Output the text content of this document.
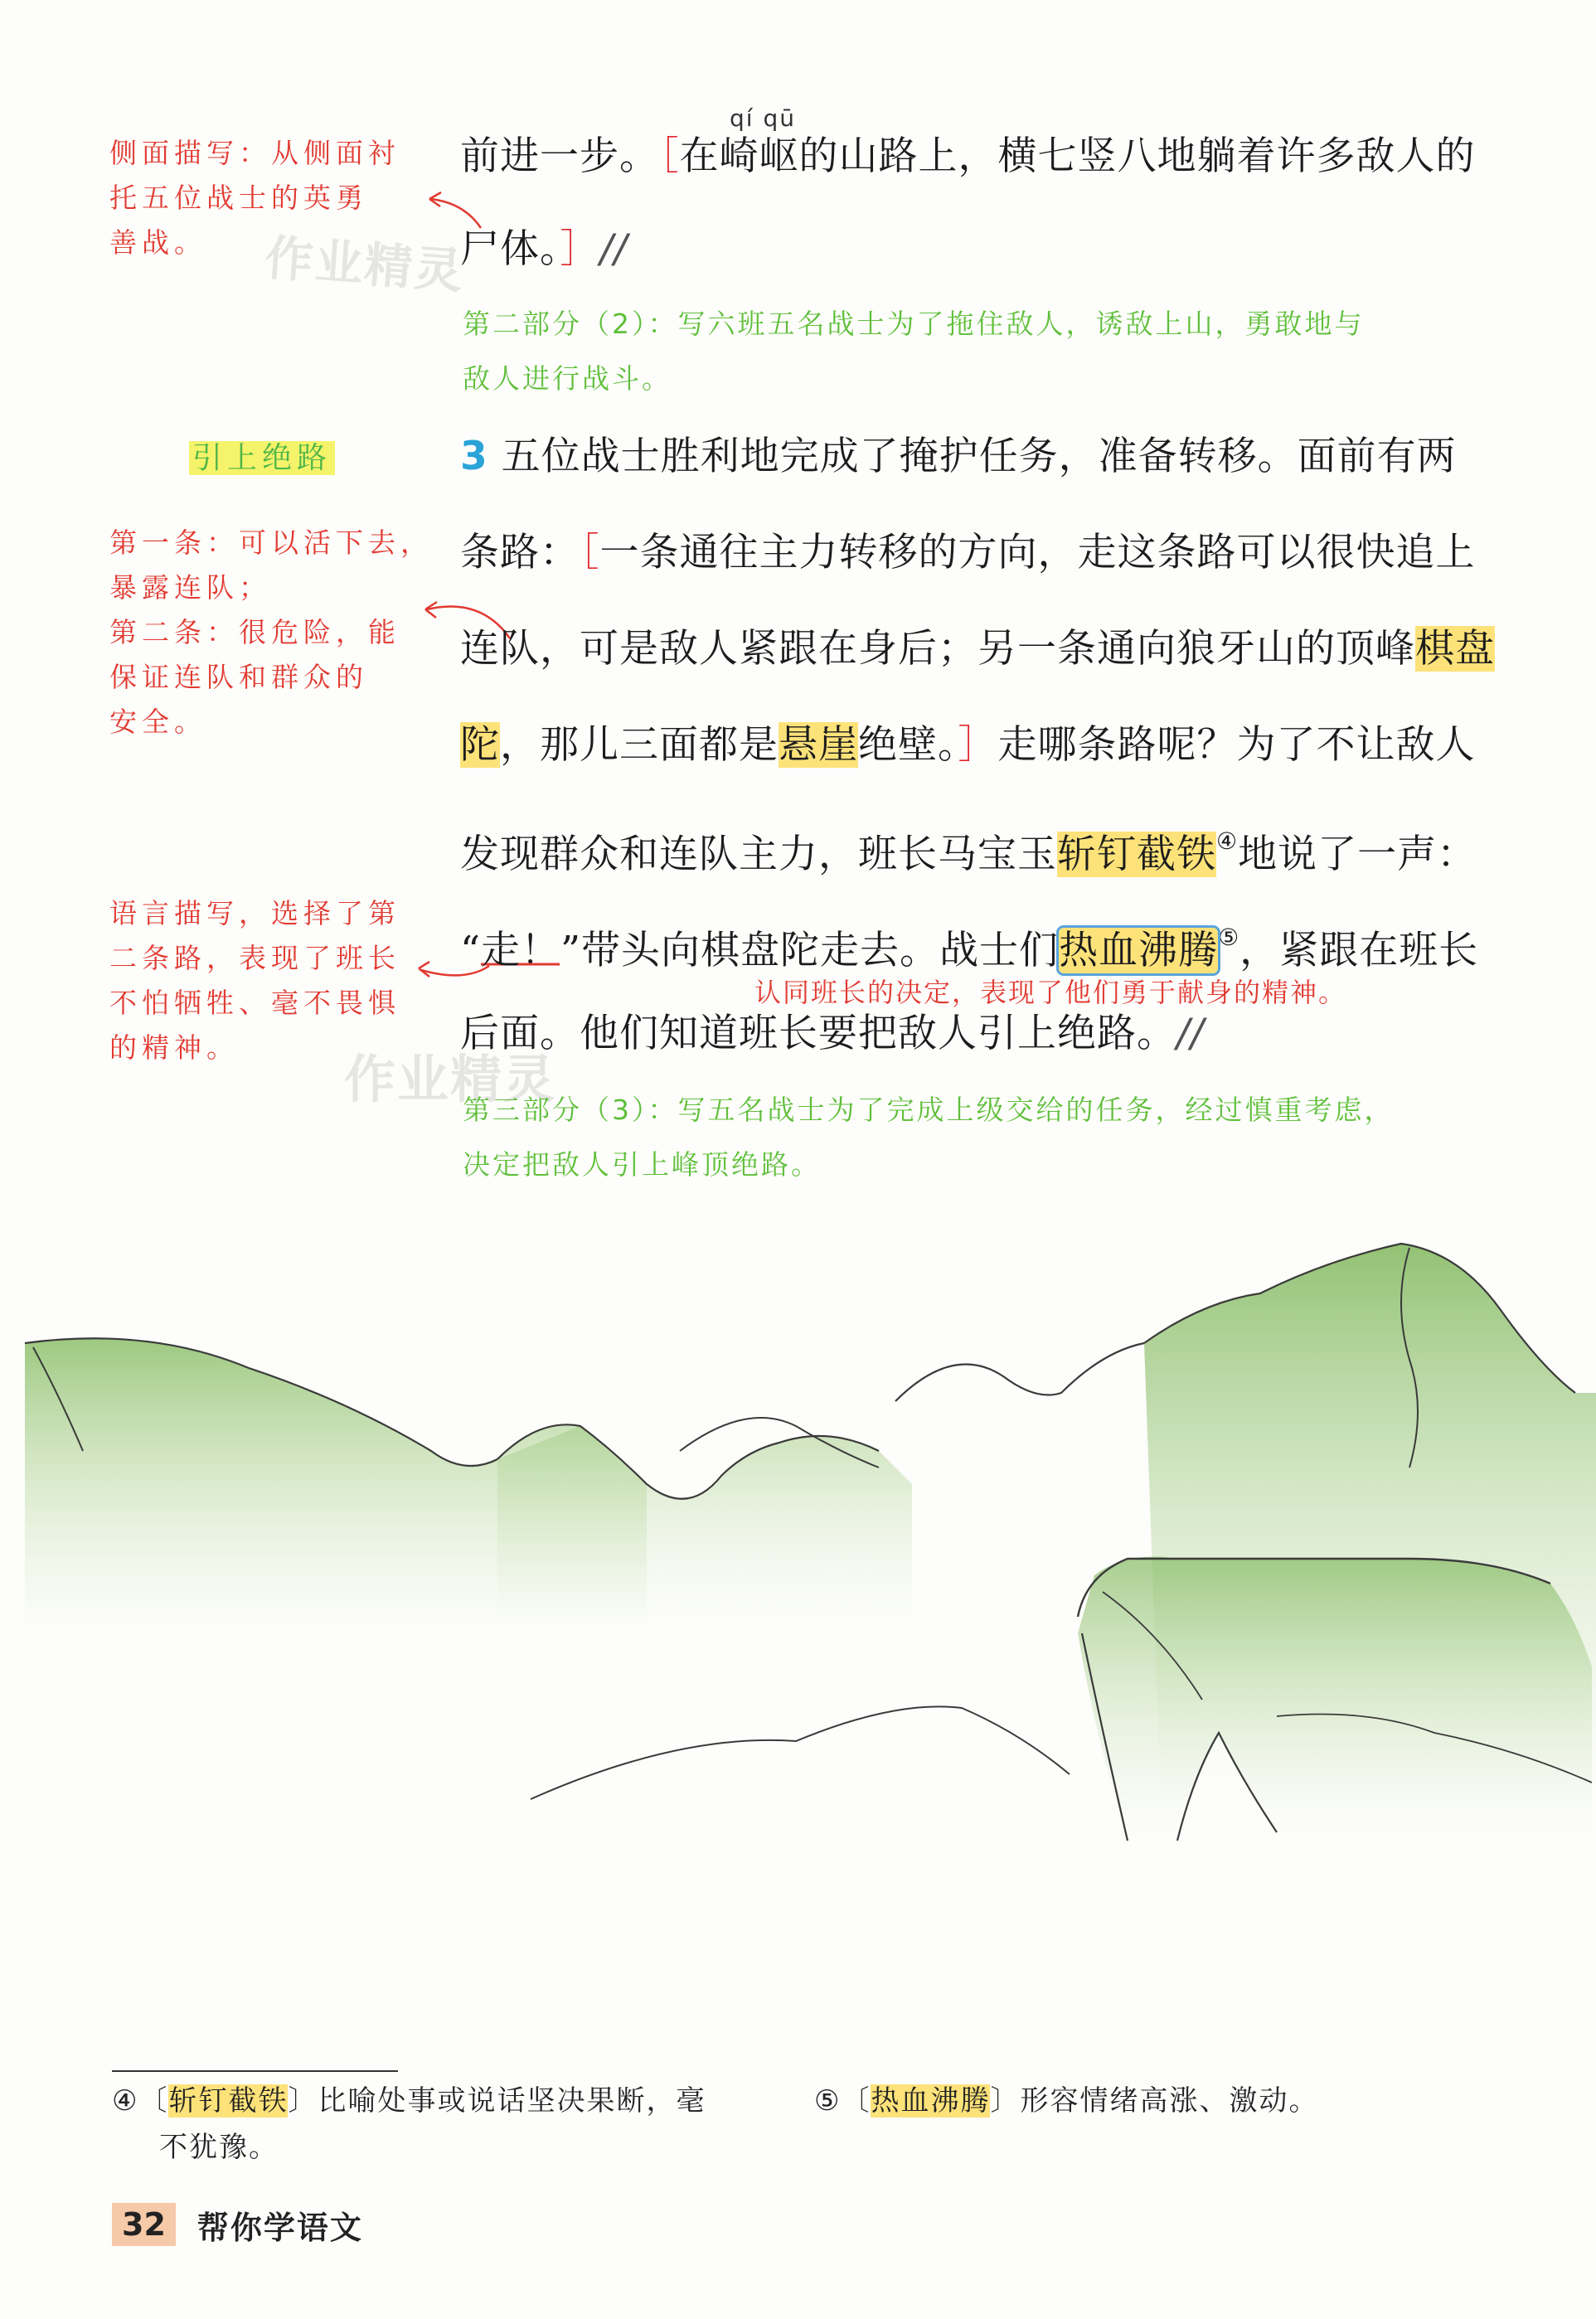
作业精灵
作业精灵
qí qū
前进一步。［在崎岖的山路上，横七竖八地躺着许多敌人的
尸体。］//
3 五位战士胜利地完成了掩护任务，准备转移。面前有两
条路：［一条通往主力转移的方向，走这条路可以很快追上
连队，可是敌人紧跟在身后；另一条通向狼牙山的顶峰棋盘
陀，那儿三面都是悬崖绝壁。］走哪条路呢？为了不让敌人
发现群众和连队主力，班长马宝玉斩钉截铁④地说了一声：
“走！”带头向棋盘陀走去。战士们热血沸腾⑤，紧跟在班长
后面。他们知道班长要把敌人引上绝路。//
侧面描写：从侧面衬
托五位战士的英勇
善战。
第二部分（2）：写六班五名战士为了拖住敌人，诱敌上山，勇敢地与
敌人进行战斗。
引上绝路
第一条：可以活下去，
暴露连队；
第二条：很危险，能
保证连队和群众的
安全。
语言描写，选择了第
二条路，表现了班长
不怕牺牲、毫不畏惧
的精神。
认同班长的决定，表现了他们勇于献身的精神。
第三部分（3）：写五名战士为了完成上级交给的任务，经过慎重考虑，
决定把敌人引上峰顶绝路。
④〔斩钉截铁〕比喻处事或说话坚决果断，毫
不犹豫。
⑤〔热血沸腾〕形容情绪高涨、激动。
32	帮你学语文
